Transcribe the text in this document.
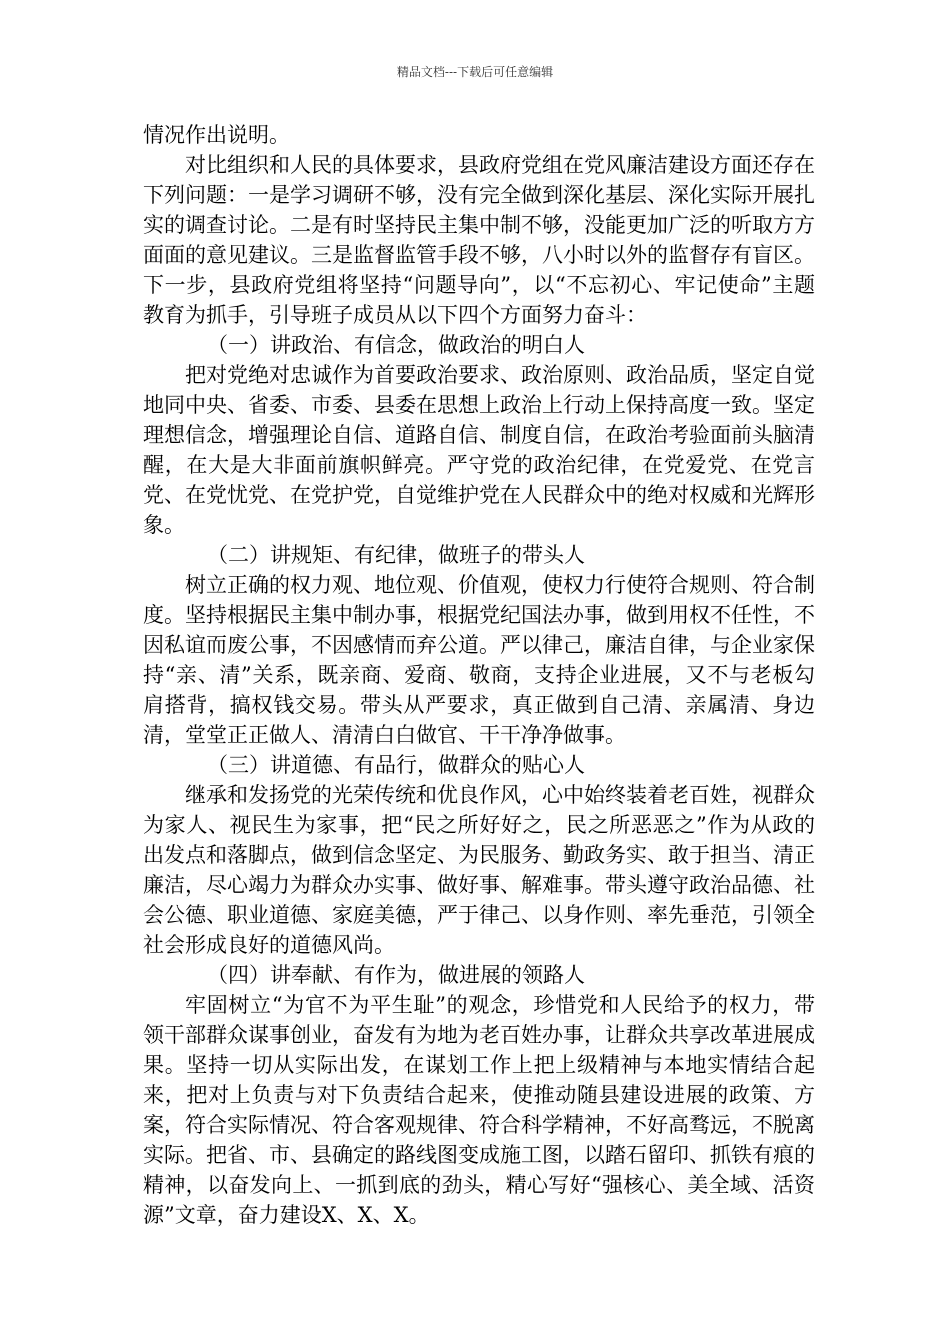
精品文档---下载后可任意编辑

情况作出说明。

对比组织和人民的具体要求，县政府党组在党风廉洁建设方面还存在下列问题：一是学习调研不够，没有完全做到深化基层、深化实际开展扎实的调查讨论。二是有时坚持民主集中制不够，没能更加广泛的听取方方面面的意见建议。三是监督监管手段不够，八小时以外的监督存有盲区。下一步，县政府党组将坚持“问题导向”，以“不忘初心、牢记使命”主题教育为抓手，引导班子成员从以下四个方面努力奋斗：

（一）讲政治、有信念，做政治的明白人

把对党绝对忠诚作为首要政治要求、政治原则、政治品质，坚定自觉地同中央、省委、市委、县委在思想上政治上行动上保持高度一致。坚定理想信念，增强理论自信、道路自信、制度自信，在政治考验面前头脑清醒，在大是大非面前旗帜鲜亮。严守党的政治纪律，在党爱党、在党言党、在党忧党、在党护党，自觉维护党在人民群众中的绝对权威和光辉形象。

（二）讲规矩、有纪律，做班子的带头人

树立正确的权力观、地位观、价值观，使权力行使符合规则、符合制度。坚持根据民主集中制办事，根据党纪国法办事，做到用权不任性，不因私谊而废公事，不因感情而弃公道。严以律己，廉洁自律，与企业家保持“亲、清”关系，既亲商、爱商、敬商，支持企业进展，又不与老板勾肩搭背，搞权钱交易。带头从严要求，真正做到自己清、亲属清、身边清，堂堂正正做人、清清白白做官、干干净净做事。

（三）讲道德、有品行，做群众的贴心人

继承和发扬党的光荣传统和优良作风，心中始终装着老百姓，视群众为家人、视民生为家事，把“民之所好好之，民之所恶恶之”作为从政的出发点和落脚点，做到信念坚定、为民服务、勤政务实、敢于担当、清正廉洁，尽心竭力为群众办实事、做好事、解难事。带头遵守政治品德、社会公德、职业道德、家庭美德，严于律己、以身作则、率先垂范，引领全社会形成良好的道德风尚。

（四）讲奉献、有作为，做进展的领路人

牢固树立“为官不为平生耻”的观念，珍惜党和人民给予的权力，带领干部群众谋事创业，奋发有为地为老百姓办事，让群众共享改革进展成果。坚持一切从实际出发，在谋划工作上把上级精神与本地实情结合起来，把对上负责与对下负责结合起来，使推动随县建设进展的政策、方案，符合实际情况、符合客观规律、符合科学精神，不好高骛远，不脱离实际。把省、市、县确定的路线图变成施工图，以踏石留印、抓铁有痕的精神，以奋发向上、一抓到底的劲头，精心写好“强核心、美全域、活资源”文章，奋力建设X、X、X。
